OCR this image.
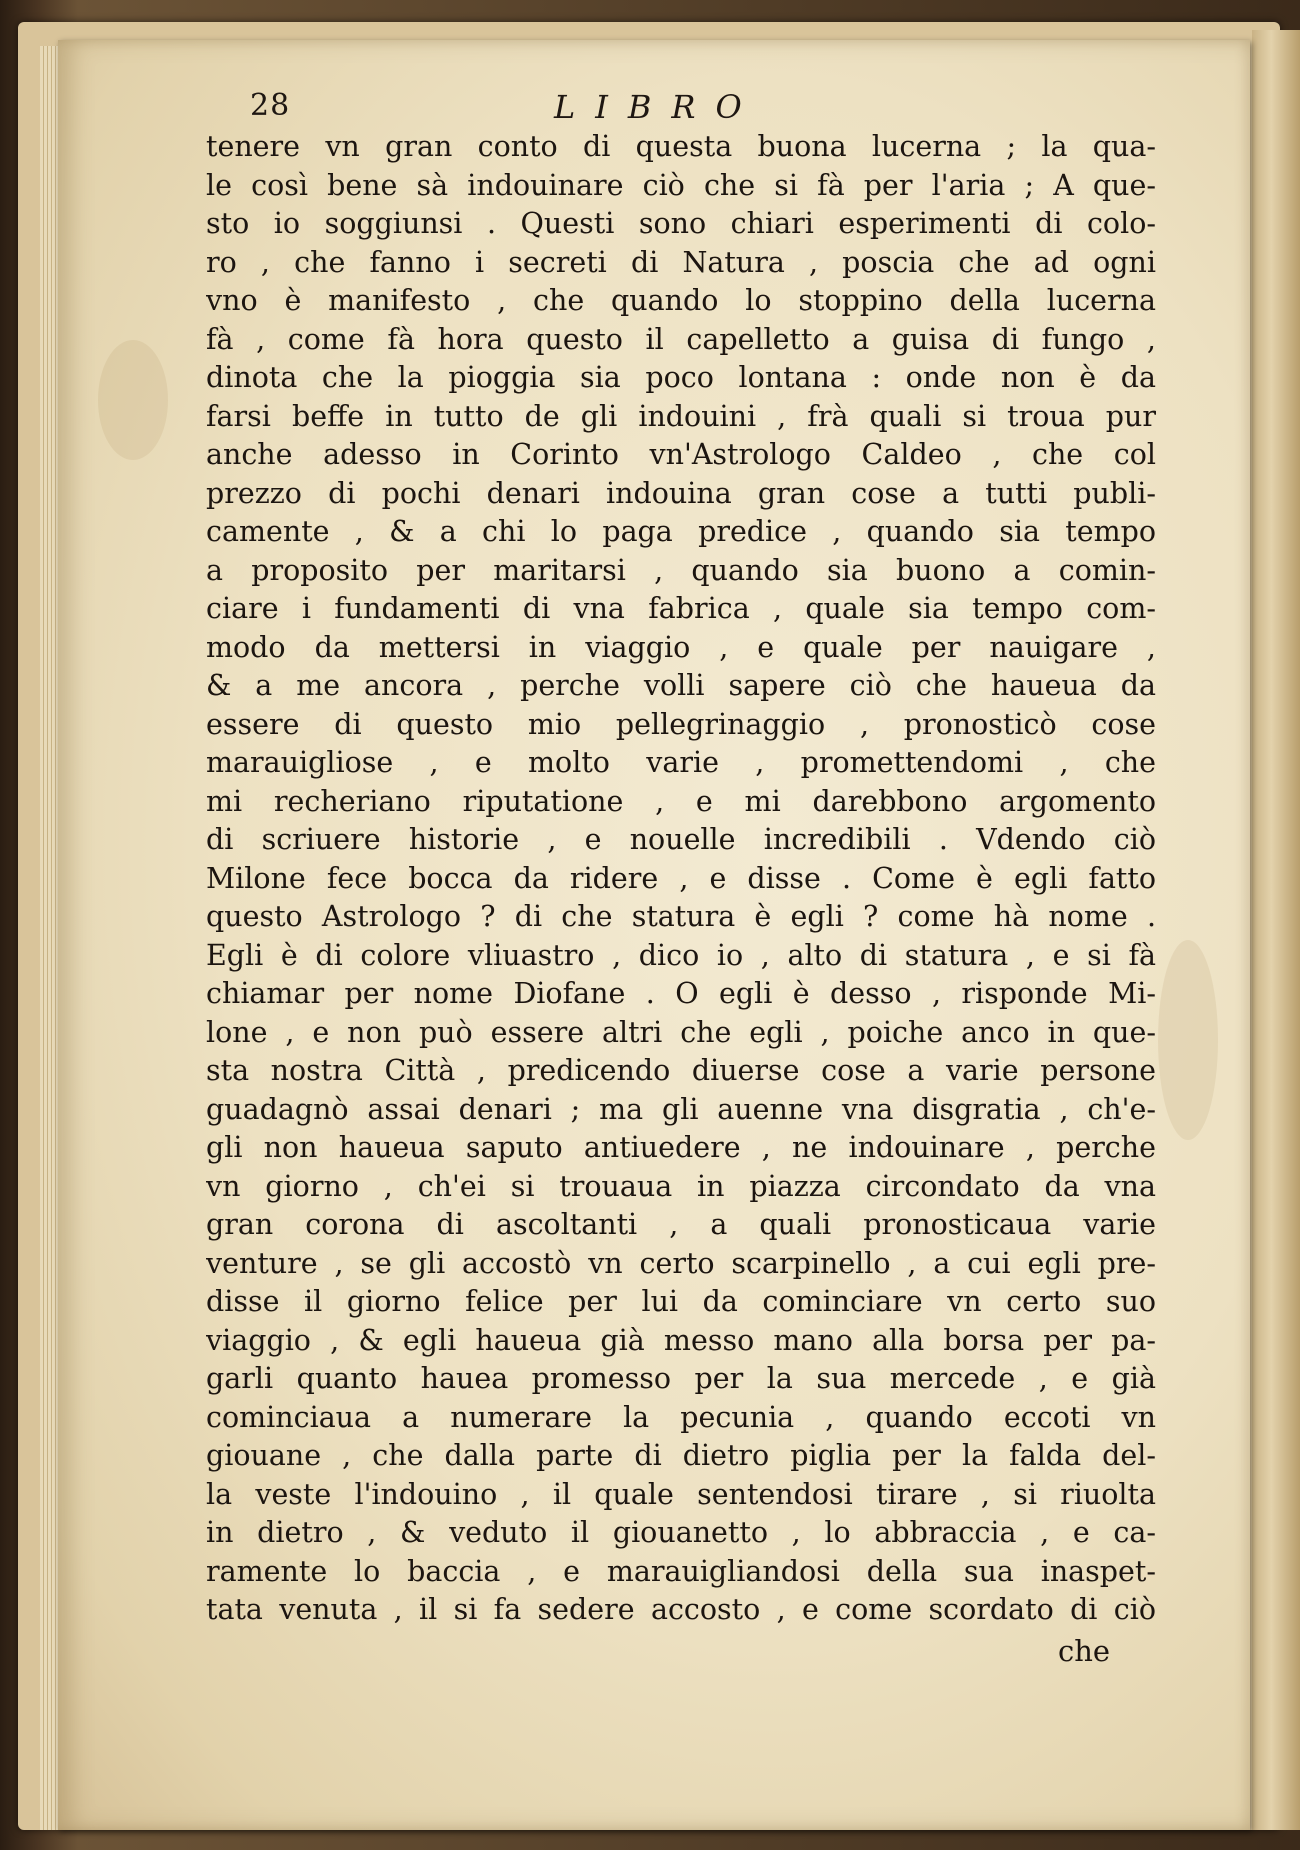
28	LIBRO
tenere vn gran conto di questa buona lucerna ; la qua-
le così bene sà indouinare ciò che si fà per l'aria ; A que-
sto io soggiunsi . Questi sono chiari esperimenti di colo-
ro , che fanno i secreti di Natura , poscia che ad ogni
vno è manifesto , che quando lo stoppino della lucerna
fà , come fà hora questo il capelletto a guisa di fungo ,
dinota che la pioggia sia poco lontana : onde non è da
farsi beffe in tutto de gli indouini , frà quali si troua pur
anche adesso in Corinto vn'Astrologo Caldeo , che col
prezzo di pochi denari indouina gran cose a tutti publi-
camente , & a chi lo paga predice , quando sia tempo
a proposito per maritarsi , quando sia buono a comin-
ciare i fundamenti di vna fabrica , quale sia tempo com-
modo da mettersi in viaggio , e quale per nauigare ,
& a me ancora , perche volli sapere ciò che haueua da
essere di questo mio pellegrinaggio , pronosticò cose
marauigliose , e molto varie , promettendomi , che
mi recheriano riputatione , e mi darebbono argomento
di scriuere historie , e nouelle incredibili . Vdendo ciò
Milone fece bocca da ridere , e disse . Come è egli fatto
questo Astrologo ? di che statura è egli ? come hà nome .
Egli è di colore vliuastro , dico io , alto di statura , e si fà
chiamar per nome Diofane . O egli è desso , risponde Mi-
lone , e non può essere altri che egli , poiche anco in que-
sta nostra Città , predicendo diuerse cose a varie persone
guadagnò assai denari ; ma gli auenne vna disgratia , ch'e-
gli non haueua saputo antiuedere , ne indouinare , perche
vn giorno , ch'ei si trouaua in piazza circondato da vna
gran corona di ascoltanti , a quali pronosticaua varie
venture , se gli accostò vn certo scarpinello , a cui egli pre-
disse il giorno felice per lui da cominciare vn certo suo
viaggio , & egli haueua già messo mano alla borsa per pa-
garli quanto hauea promesso per la sua mercede , e già
cominciaua a numerare la pecunia , quando eccoti vn
giouane , che dalla parte di dietro piglia per la falda del-
la veste l'indouino , il quale sentendosi tirare , si riuolta
in dietro , & veduto il giouanetto , lo abbraccia , e ca-
ramente lo baccia , e marauigliandosi della sua inaspet-
tata venuta , il si fa sedere accosto , e come scordato di ciò
che
